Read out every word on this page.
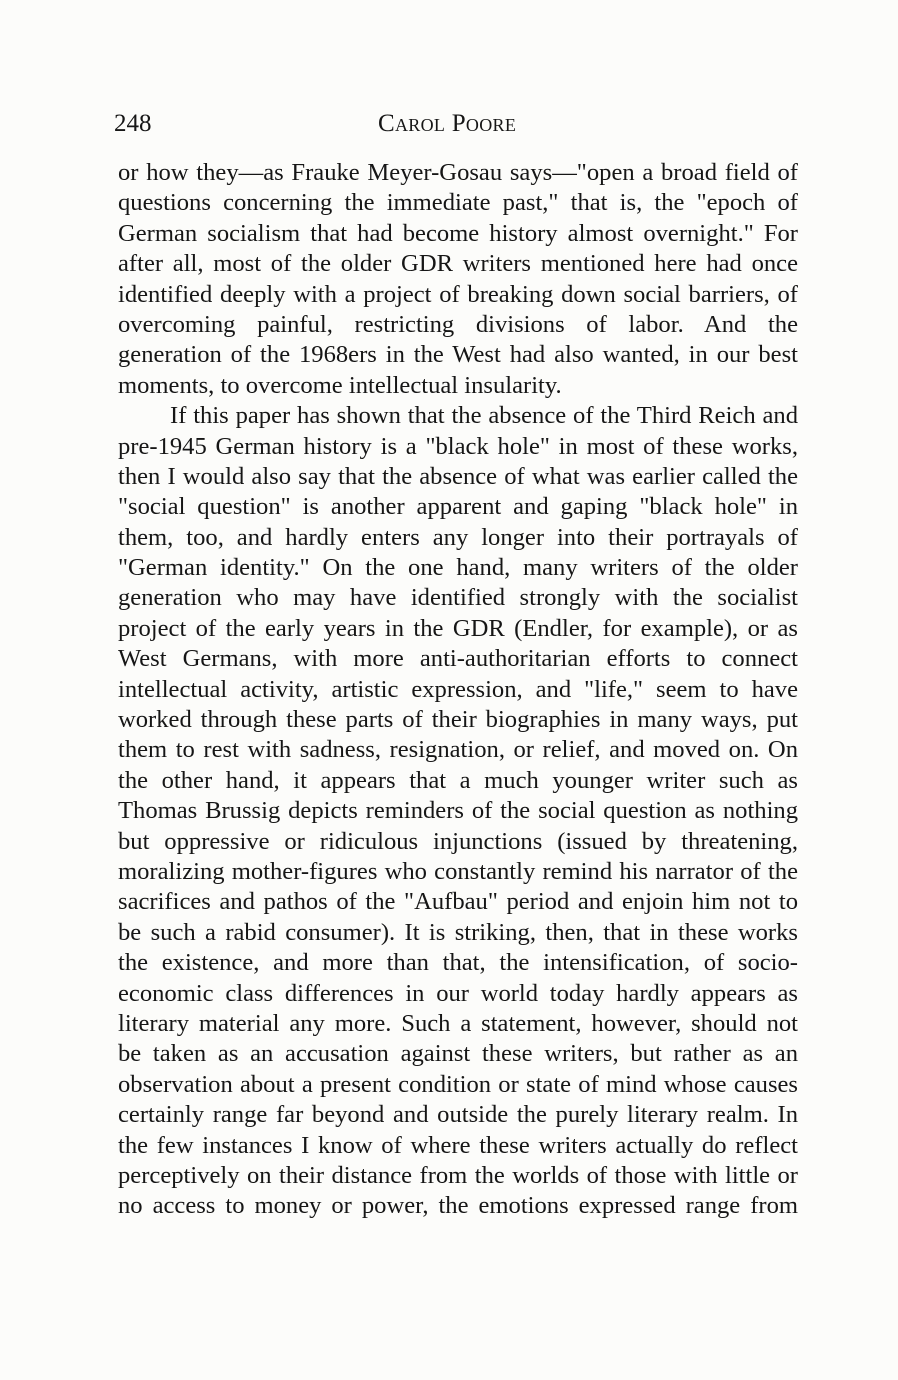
248	Carol Poore
or how they—as Frauke Meyer-Gosau says—"open a broad field of
questions concerning the immediate past," that is, the "epoch of
German socialism that had become history almost overnight." For
after all, most of the older GDR writers mentioned here had once
identified deeply with a project of breaking down social barriers, of
overcoming painful, restricting divisions of labor. And the
generation of the 1968ers in the West had also wanted, in our best
moments, to overcome intellectual insularity.
If this paper has shown that the absence of the Third Reich and
pre-1945 German history is a "black hole" in most of these works,
then I would also say that the absence of what was earlier called the
"social question" is another apparent and gaping "black hole" in
them, too, and hardly enters any longer into their portrayals of
"German identity." On the one hand, many writers of the older
generation who may have identified strongly with the socialist
project of the early years in the GDR (Endler, for example), or as
West Germans, with more anti-authoritarian efforts to connect
intellectual activity, artistic expression, and "life," seem to have
worked through these parts of their biographies in many ways, put
them to rest with sadness, resignation, or relief, and moved on. On
the other hand, it appears that a much younger writer such as
Thomas Brussig depicts reminders of the social question as nothing
but oppressive or ridiculous injunctions (issued by threatening,
moralizing mother-figures who constantly remind his narrator of the
sacrifices and pathos of the "Aufbau" period and enjoin him not to
be such a rabid consumer). It is striking, then, that in these works
the existence, and more than that, the intensification, of socio-
economic class differences in our world today hardly appears as
literary material any more. Such a statement, however, should not
be taken as an accusation against these writers, but rather as an
observation about a present condition or state of mind whose causes
certainly range far beyond and outside the purely literary realm. In
the few instances I know of where these writers actually do reflect
perceptively on their distance from the worlds of those with little or
no access to money or power, the emotions expressed range from
